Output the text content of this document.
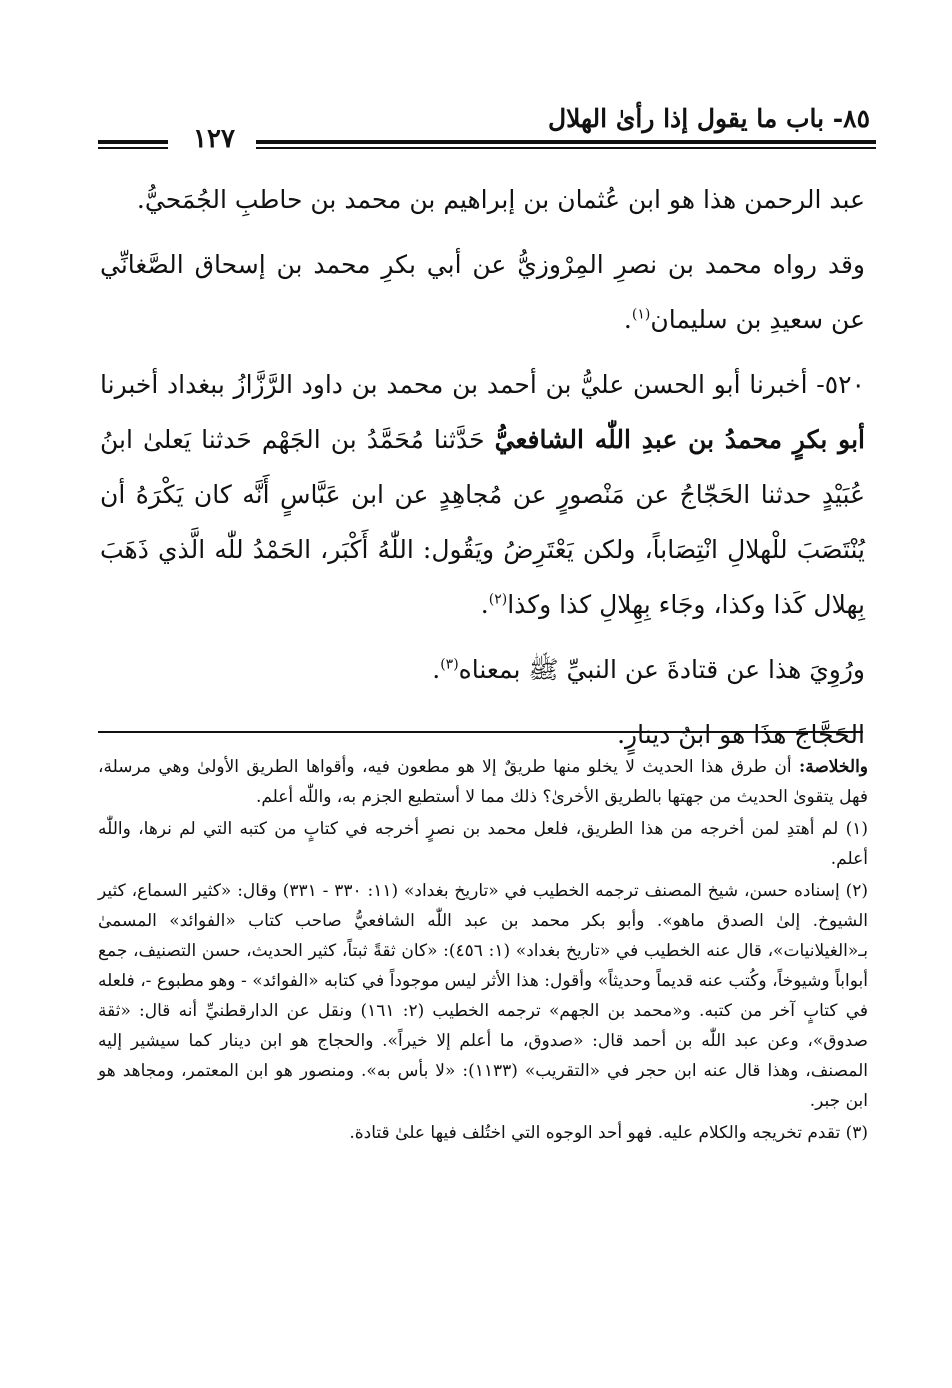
٨٥- باب ما يقول إذا رأىٰ الهلال
١٢٧

عبد الرحمن هذا هو ابن عُثمان بن إبراهيم بن محمد بن حاطبِ الجُمَحيُّ.

وقد رواه محمد بن نصرِ المِرْوزيُّ عن أبي بكرِ محمد بن إسحاق الصَّغانِّي عن سعيدِ بن سليمان$^{(١)}$.

٥٢٠- أخبرنا أبو الحسن عليُّ بن أحمد بن محمد بن داود الرَّزَّازُ ببغداد أخبرنا أبو بكرٍ محمدُ بن عبدِ اللّٰه الشافعيُّ حَدَّثنا مُحَمَّدُ بن الجَهْم حَدثنا يَعلىٰ ابنُ عُبَيْدٍ حدثنا الحَجّاجُ عن مَنْصورٍ عن مُجاهِدٍ عن ابن عَبَّاسٍ أَنَّه كان يَكْرَهُ أن يُنْتَصَبَ للْهلالِ انْتِصَاباً، ولكن يَعْتَرِضُ ويَقُول: اللّٰهُ أَكْبَر، الحَمْدُ للّٰه الَّذي ذَهَبَ بِهلال كَذا وكذا، وجَاء بِهِلالِ كذا وكذا$^{(٢)}$.

ورُوِيَ هذا عن قتادةَ عن النبيِّ ﷺ بمعناه$^{(٣)}$.

الحَجَّاجَ هذَا هو ابنُ دينارٍ.

والخلاصة: أن طرق هذا الحديث لا يخلو منها طريقٌ إلا هو مطعون فيه، وأقواها الطريق الأولىٰ وهي مرسلة، فهل يتقوىٰ الحديث من جهتها بالطريق الأخرىٰ؟ ذلك مما لا أستطيع الجزم به، واللّٰه أعلم.

(١) لم أهتدِ لمن أخرجه من هذا الطريق، فلعل محمد بن نصرٍ أخرجه في كتابٍ من كتبه التي لم نرها، واللّٰه أعلم.

(٢) إسناده حسن، شيخ المصنف ترجمه الخطيب في «تاريخ بغداد» (١١: ٣٣٠ - ٣٣١) وقال: «كثير السماع، كثير الشيوخ. إلىٰ الصدق ماهو». وأبو بكر محمد بن عبد اللّٰه الشافعيُّ صاحب كتاب «الفوائد» المسمىٰ بـ«الغيلانيات»، قال عنه الخطيب في «تاريخ بغداد» (١: ٤٥٦): «كان ثقةً ثبتاً، كثير الحديث، حسن التصنيف، جمع أبواباً وشيوخاً، وكُتب عنه قديماً وحديثاً» وأقول: هذا الأثر ليس موجوداً في كتابه «الفوائد» - وهو مطبوع -، فلعله في كتابٍ آخر من كتبه. و«محمد بن الجهم» ترجمه الخطيب (٢: ١٦١) ونقل عن الدارقطنيِّ أنه قال: «ثقة صدوق»، وعن عبد اللّٰه بن أحمد قال: «صدوق، ما أعلم إلا خيراً». والحجاج هو ابن دينار كما سيشير إليه المصنف، وهذا قال عنه ابن حجر في «التقريب» (١١٣٣): «لا بأس به». ومنصور هو ابن المعتمر، ومجاهد هو ابن جبر.

(٣) تقدم تخريجه والكلام عليه. فهو أحد الوجوه التي اختُلف فيها علىٰ قتادة.
